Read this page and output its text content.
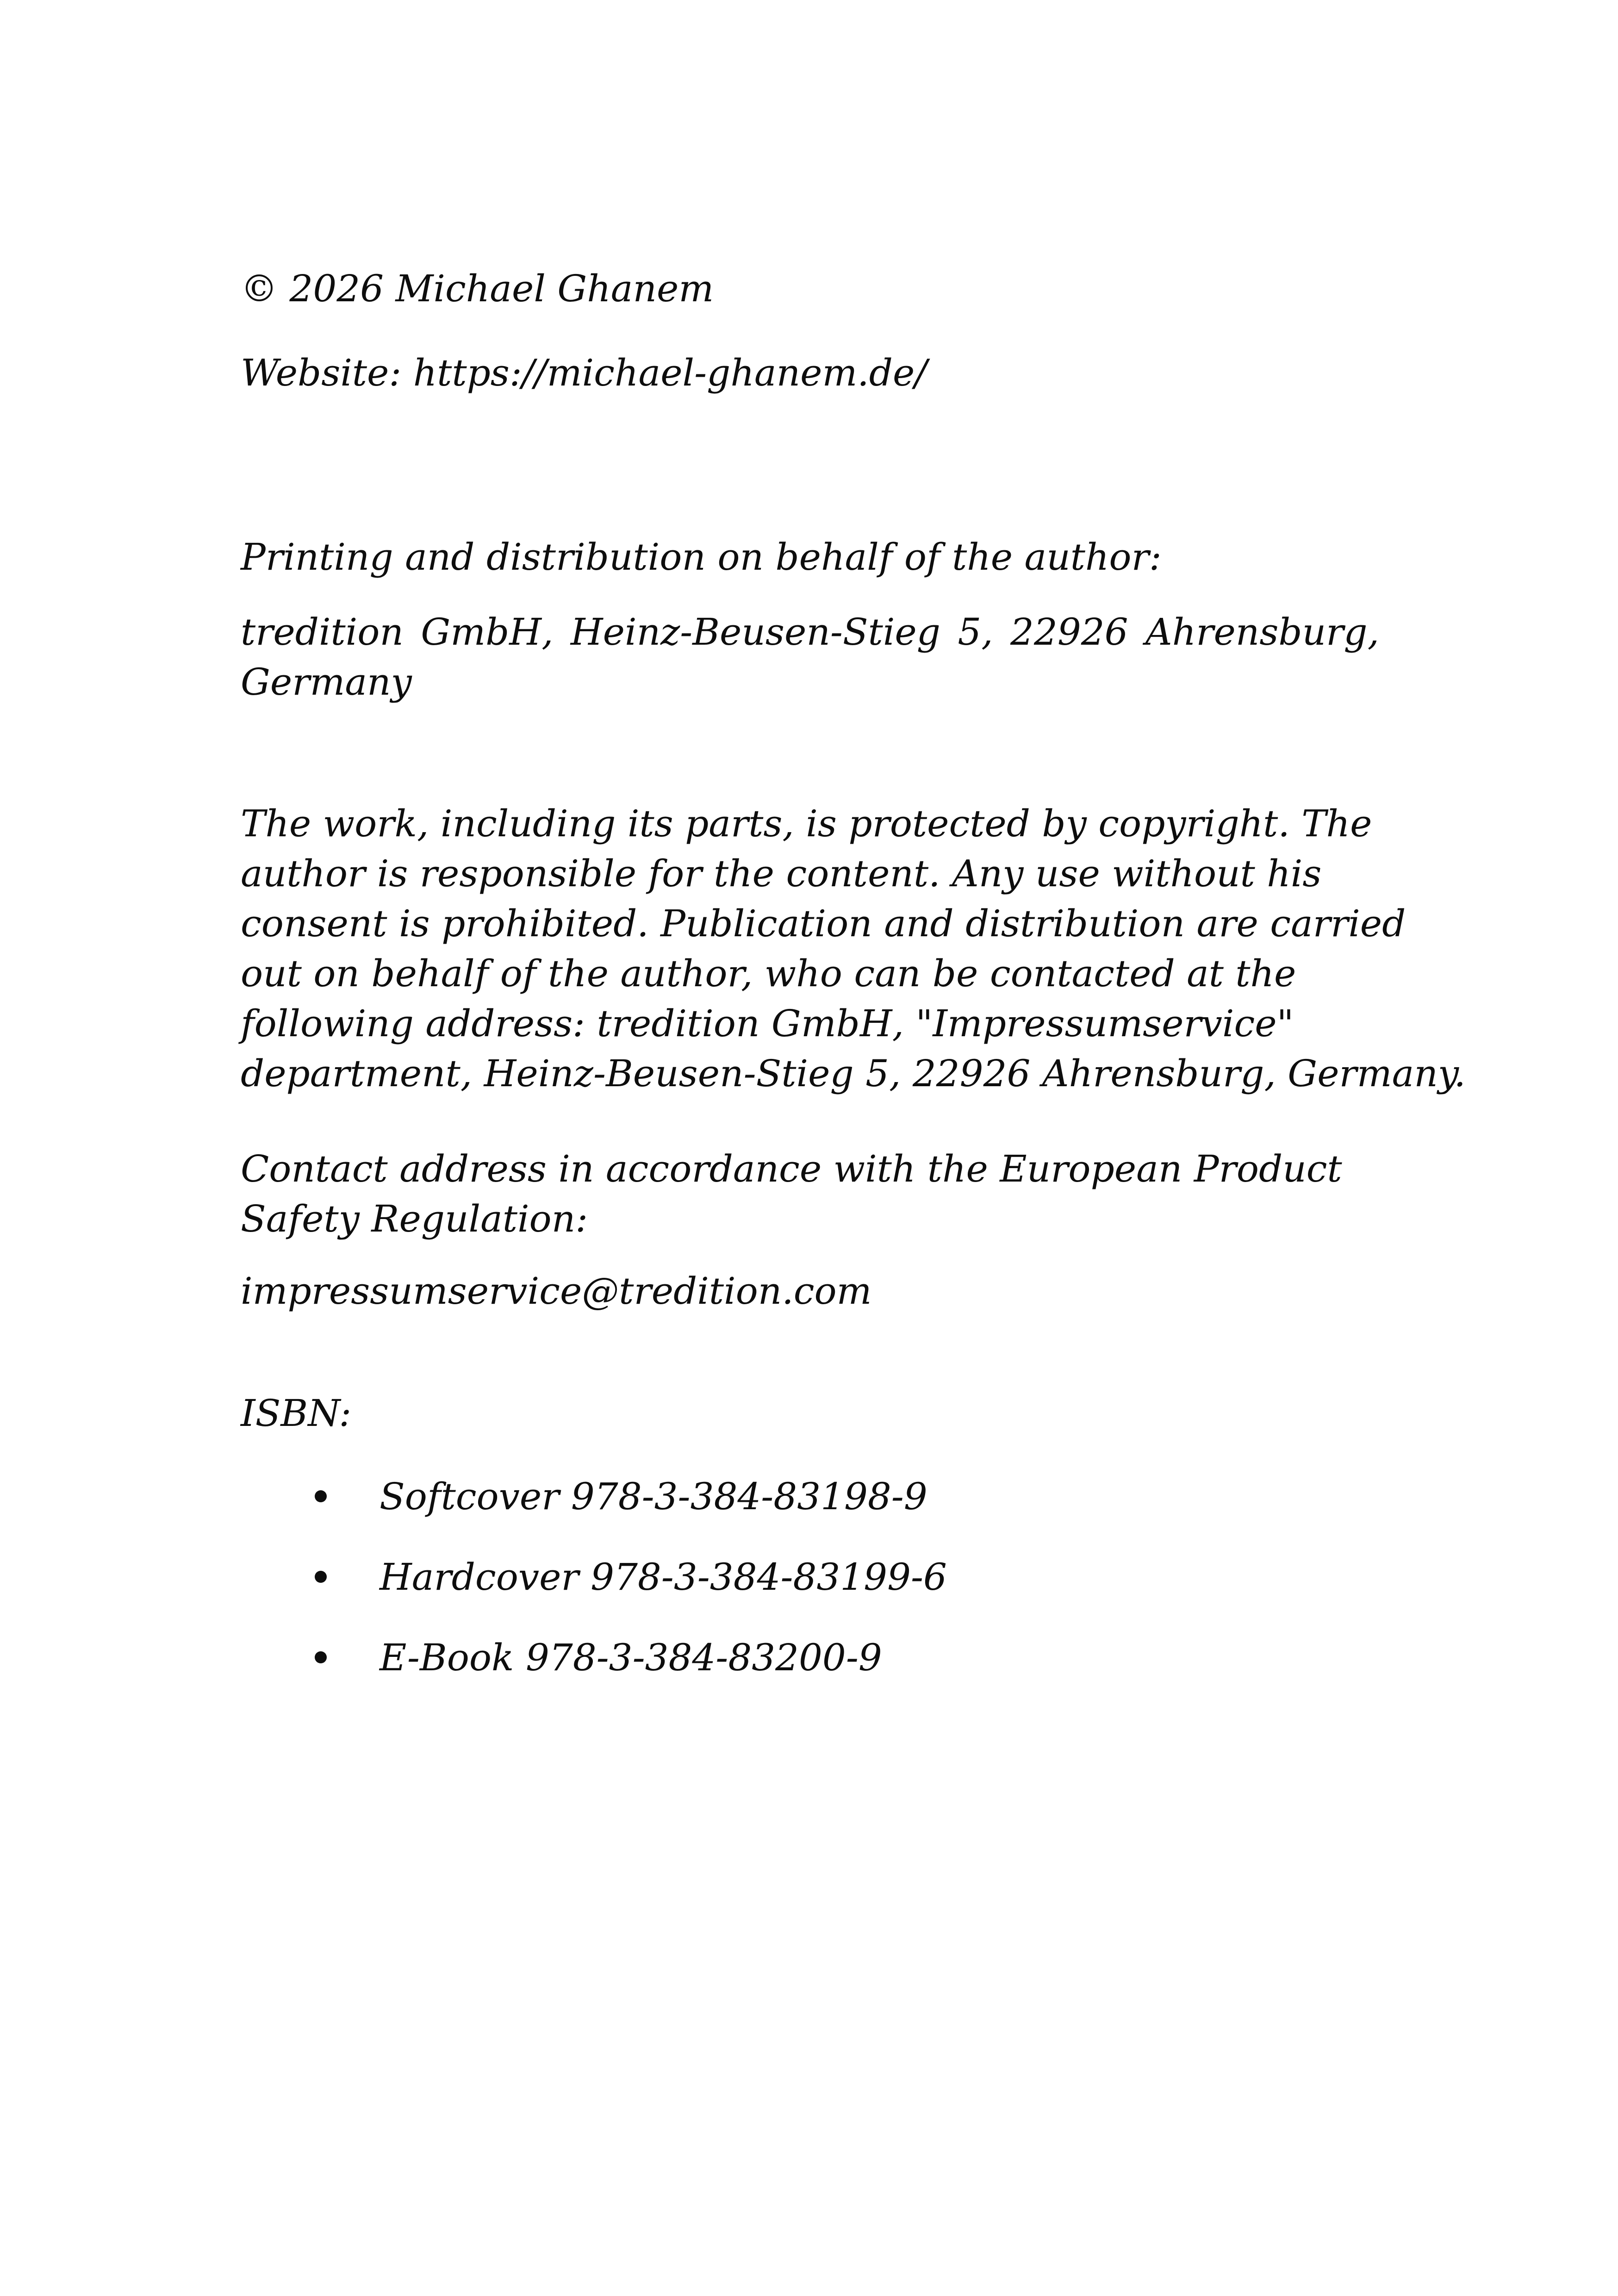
© 2026 Michael Ghanem

Website: https://michael-ghanem.de/

Printing and distribution on behalf of the author:

tredition GmbH, Heinz-Beusen-Stieg 5, 22926 Ahrensburg, Germany

The work, including its parts, is protected by copyright. The
author is responsible for the content. Any use without his
consent is prohibited. Publication and distribution are carried
out on behalf of the author, who can be contacted at the
following address: tredition GmbH, "Impressumservice"
department, Heinz-Beusen-Stieg 5, 22926 Ahrensburg, Germany.
Contact address in accordance with the European Product
Safety Regulation:

impressumservice@tredition.com

ISBN:

Softcover 978-3-384-83198-9
Hardcover 978-3-384-83199-6
E-Book 978-3-384-83200-9
